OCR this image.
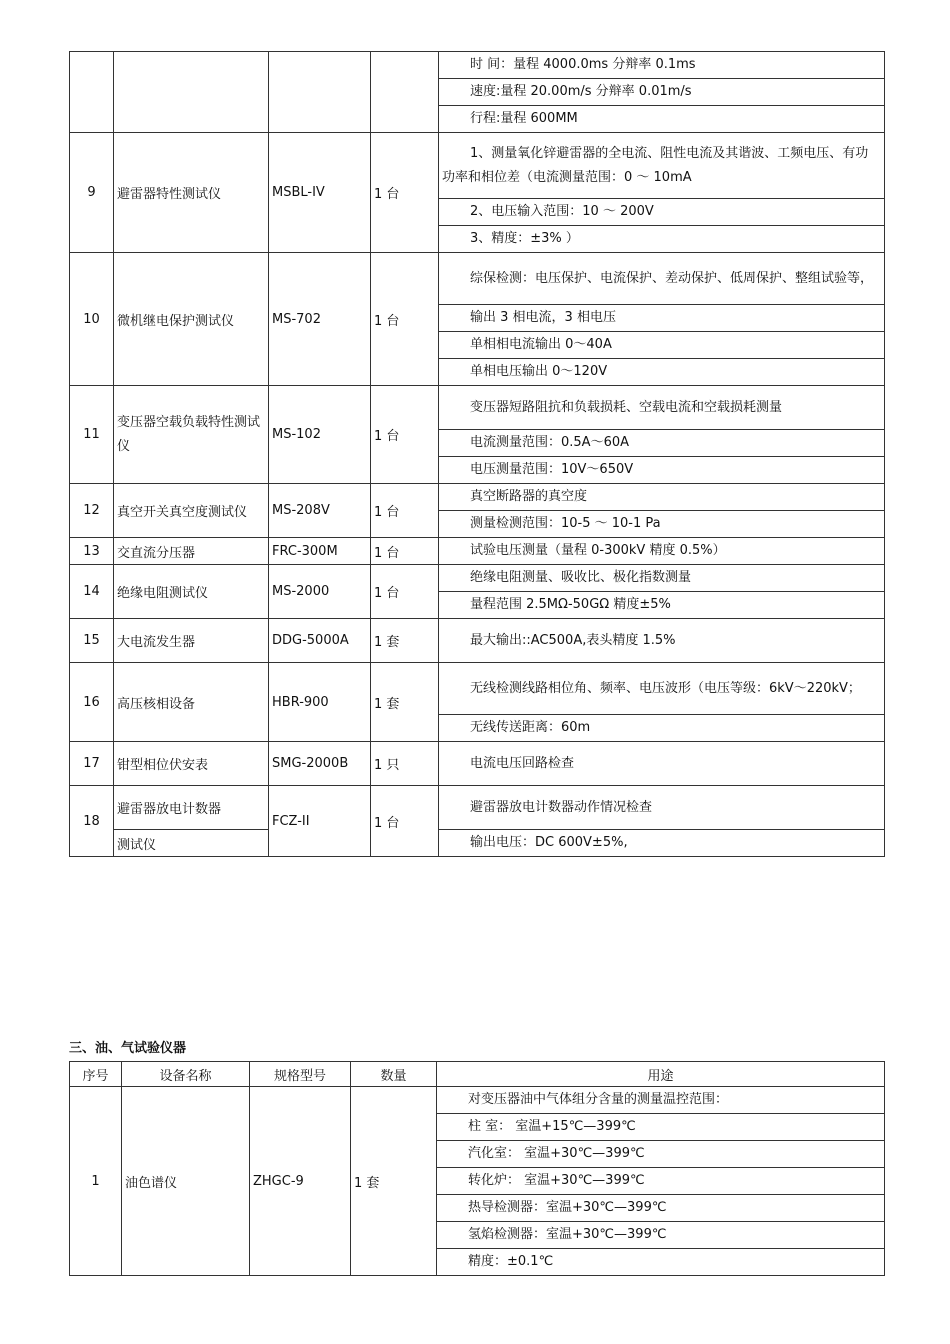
				时 间：量程 4000.0ms 分辩率 0.1ms
				速度:量程 20.00m/s 分辩率 0.01m/s
				行程:量程 600MM
9	避雷器特性测试仪	MSBL-IV	1 台	1、测量氧化锌避雷器的全电流、阻性电流及其谐波、工频电压、有功功率和相位差（电流测量范围：0 ～ 10mA
				2、电压输入范围：10 ～ 200V
				3、精度：±3% ）
10	微机继电保护测试仪	MS-702	1 台	综保检测：电压保护、电流保护、差动保护、低周保护、整组试验等，
				输出 3 相电流，3 相电压
				单相相电流输出 0～40A
				单相电压输出 0～120V
11	变压器空载负载特性测试仪	MS-102	1 台	变压器短路阻抗和负载损耗、空载电流和空载损耗测量
				电流测量范围：0.5A～60A
				电压测量范围：10V～650V
12	真空开关真空度测试仪	MS-208V	1 台	真空断路器的真空度
				测量检测范围：10-5 ～ 10-1 Pa
13	交直流分压器	FRC-300M	1 台	试验电压测量（量程 0-300kV 精度 0.5%）
14	绝缘电阻测试仪	MS-2000	1 台	绝缘电阻测量、吸收比、极化指数测量
				量程范围 2.5MΩ-50GΩ 精度±5%
15	大电流发生器	DDG-5000A	1 套	最大输出::AC500A,表头精度 1.5%
16	高压核相设备	HBR-900	1 套	无线检测线路相位角、频率、电压波形（电压等级：6kV～220kV；
				无线传送距离：60m
17	钳型相位伏安表	SMG-2000B	1 只	电流电压回路检查
18	避雷器放电计数器	FCZ-II	1 台	避雷器放电计数器动作情况检查
	测试仪			输出电压：DC 600V±5%,
三、油、气试验仪器
序号	设备名称	规格型号	数量	用途
1	油色谱仪	ZHGC-9	1 套	对变压器油中气体组分含量的测量温控范围：
				柱 室： 室温+15℃—399℃
				汽化室： 室温+30℃—399℃
				转化炉： 室温+30℃—399℃
				热导检测器：室温+30℃—399℃
				氢焰检测器：室温+30℃—399℃
				精度：±0.1℃
